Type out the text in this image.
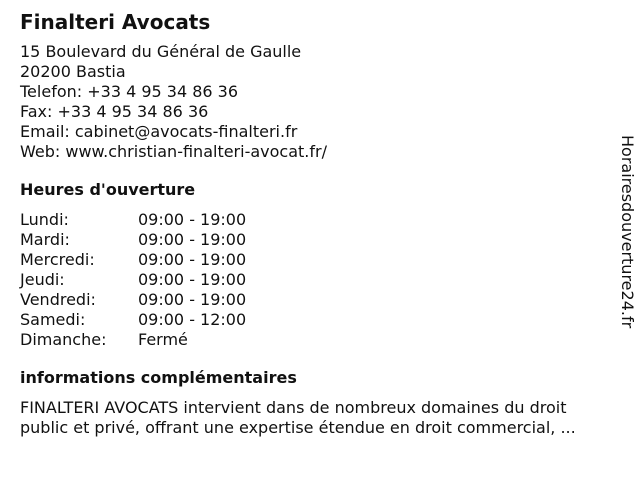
Finalteri Avocats
15 Boulevard du Général de Gaulle
20200 Bastia
Telefon: +33 4 95 34 86 36
Fax: +33 4 95 34 86 36
Email: cabinet@avocats-finalteri.fr
Web: www.christian-finalteri-avocat.fr/
Heures d'ouverture
Lundi:	09:00 - 19:00
Mardi:	09:00 - 19:00
Mercredi:	09:00 - 19:00
Jeudi:	09:00 - 19:00
Vendredi:	09:00 - 19:00
Samedi:	09:00 - 12:00
Dimanche:	Fermé
informations complémentaires
FINALTERI AVOCATS intervient dans de nombreux domaines du droit
public et privé, offrant une expertise étendue en droit commercial, ...
Horairesdouverture24.fr
